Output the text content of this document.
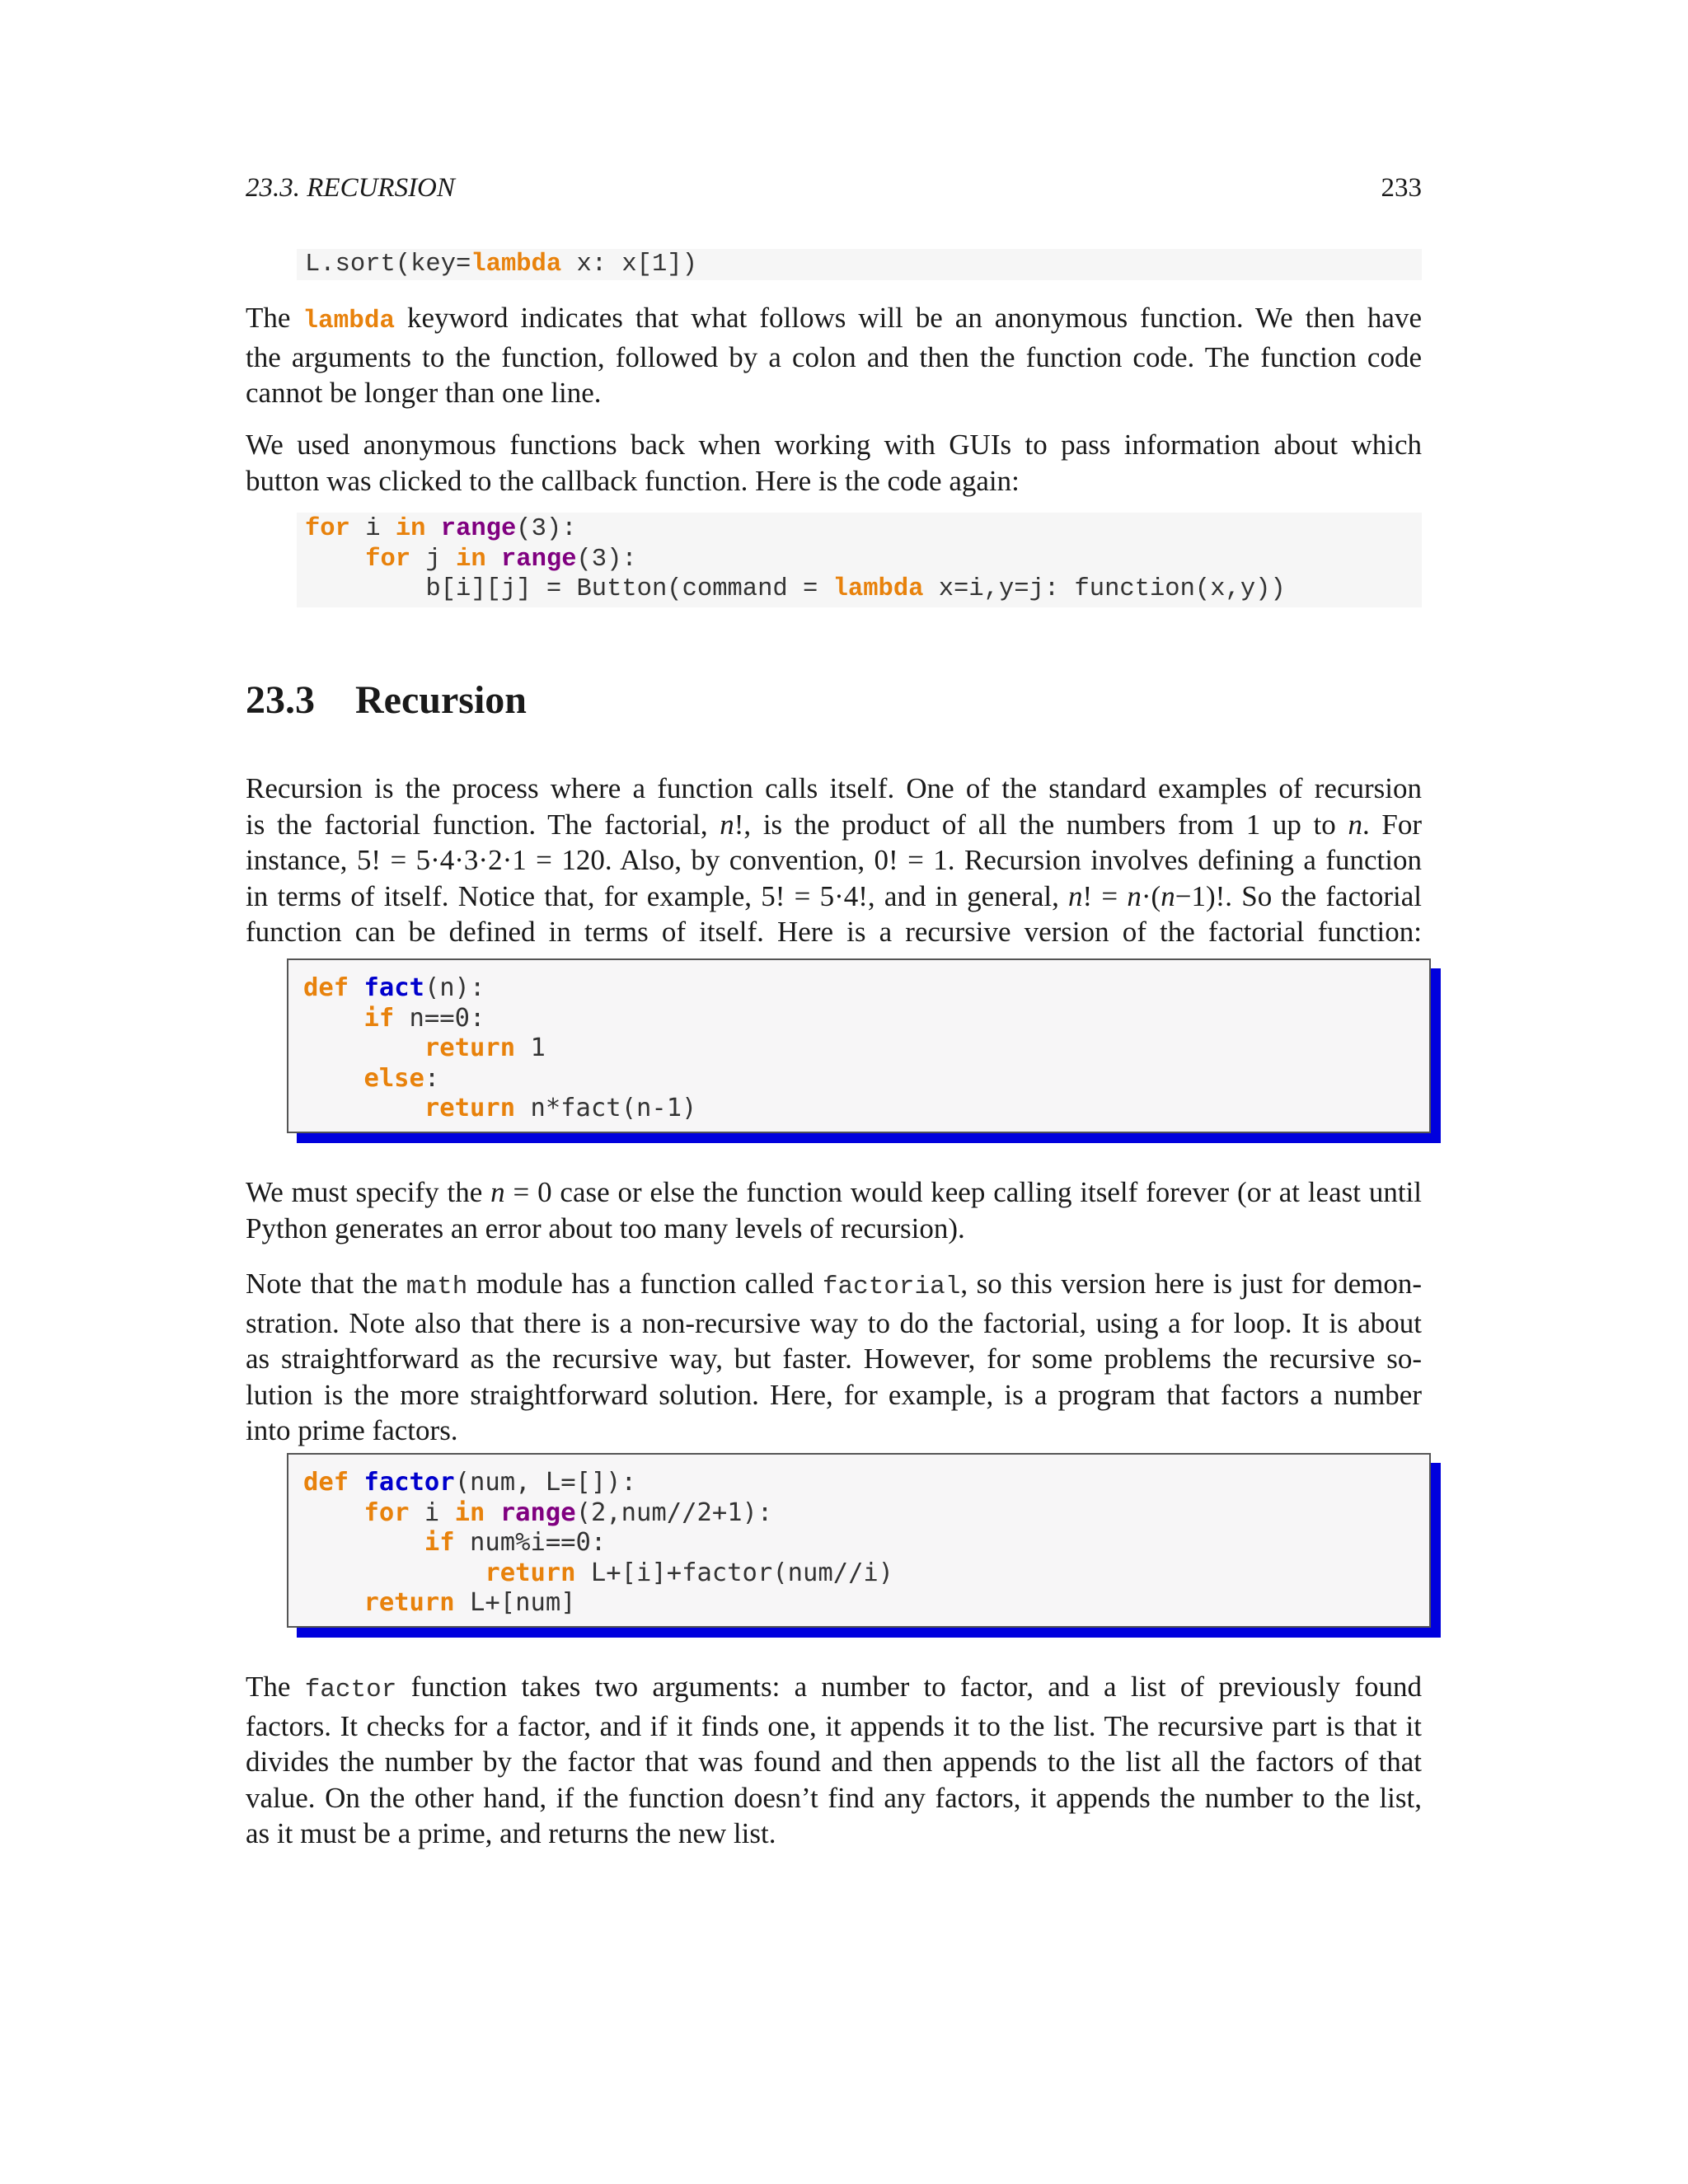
23.3. RECURSION	233
L.sort(key=lambda x: x[1])

The lambda keyword indicates that what follows will be an anonymous function. We then have
the arguments to the function, followed by a colon and then the function code. The function code
cannot be longer than one line.

We used anonymous functions back when working with GUIs to pass information about which
button was clicked to the callback function. Here is the code again:

for i in range(3):
for j in range(3):
b[i][j] = Button(command = lambda x=i,y=j: function(x,y))
23.3 Recursion

Recursion is the process where a function calls itself. One of the standard examples of recursion
is the factorial function. The factorial, n!, is the product of all the numbers from 1 up to n. For
instance, 5! = 5·4·3·2·1 = 120. Also, by convention, 0! = 1. Recursion involves defining a function
in terms of itself. Notice that, for example, 5! = 5·4!, and in general, n! = n·(n−1)!. So the factorial
function can be defined in terms of itself. Here is a recursive version of the factorial function:

def fact(n):
if n==0:
return 1
else:
return n*fact(n-1)

We must specify the n = 0 case or else the function would keep calling itself forever (or at least until
Python generates an error about too many levels of recursion).

Note that the math module has a function called factorial, so this version here is just for demon-
stration. Note also that there is a non-recursive way to do the factorial, using a for loop. It is about
as straightforward as the recursive way, but faster. However, for some problems the recursive so-
lution is the more straightforward solution. Here, for example, is a program that factors a number
into prime factors.

def factor(num, L=[]):
for i in range(2,num//2+1):
if num%i==0:
return L+[i]+factor(num//i)
return L+[num]

The factor function takes two arguments: a number to factor, and a list of previously found
factors. It checks for a factor, and if it finds one, it appends it to the list. The recursive part is that it
divides the number by the factor that was found and then appends to the list all the factors of that
value. On the other hand, if the function doesn’t find any factors, it appends the number to the list,
as it must be a prime, and returns the new list.
